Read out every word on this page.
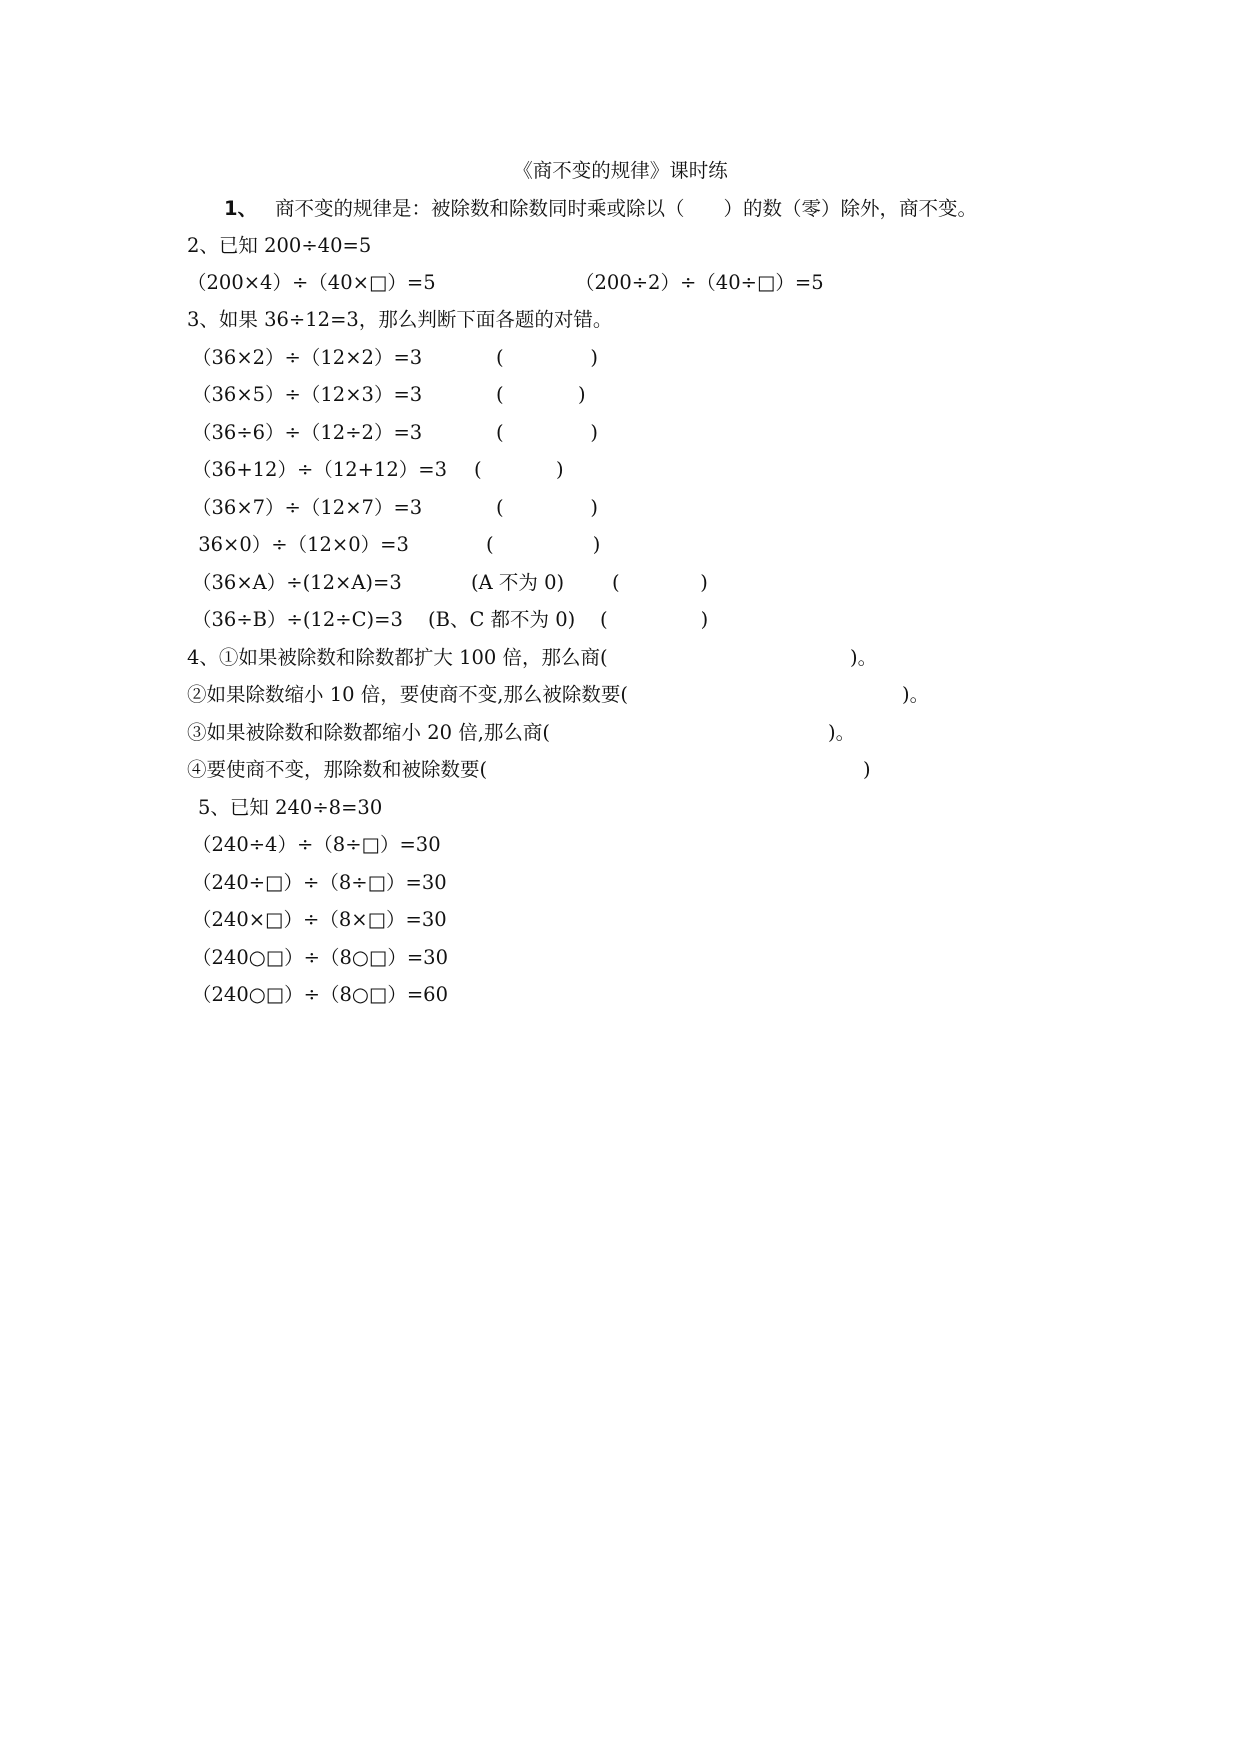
《商不变的规律》课时练
1、 商不变的规律是：被除数和除数同时乘或除以（　　）的数（零）除外，商不变。
2、已知 200÷40=5
（200×4）÷（40×□）=5	（200÷2）÷（40÷□）=5
3、如果 36÷12=3，那么判断下面各题的对错。
（36×2）÷（12×2）=3	(              )
（36×5）÷（12×3）=3	(            )
（36÷6）÷（12÷2）=3	(              )
（36+12）÷（12+12）=3 (            )
（36×7）÷（12×7）=3	(              )
36×0）÷（12×0）=3	(                )
（36×A）÷(12×A)=3	(A 不为 0) (             )
（36÷B）÷(12÷C)=3 (B、C 都不为 0) (               )
4、①如果被除数和除数都扩大 100 倍，那么商(	)。
②如果除数缩小 10 倍，要使商不变,那么被除数要(	)。
③如果被除数和除数都缩小 20 倍,那么商(	)。
④要使商不变，那除数和被除数要(	)
5、已知 240÷8=30
（240÷4）÷（8÷□）=30
（240÷□）÷（8÷□）=30
（240×□）÷（8×□）=30
（240○□）÷（8○□）=30
（240○□）÷（8○□）=60
